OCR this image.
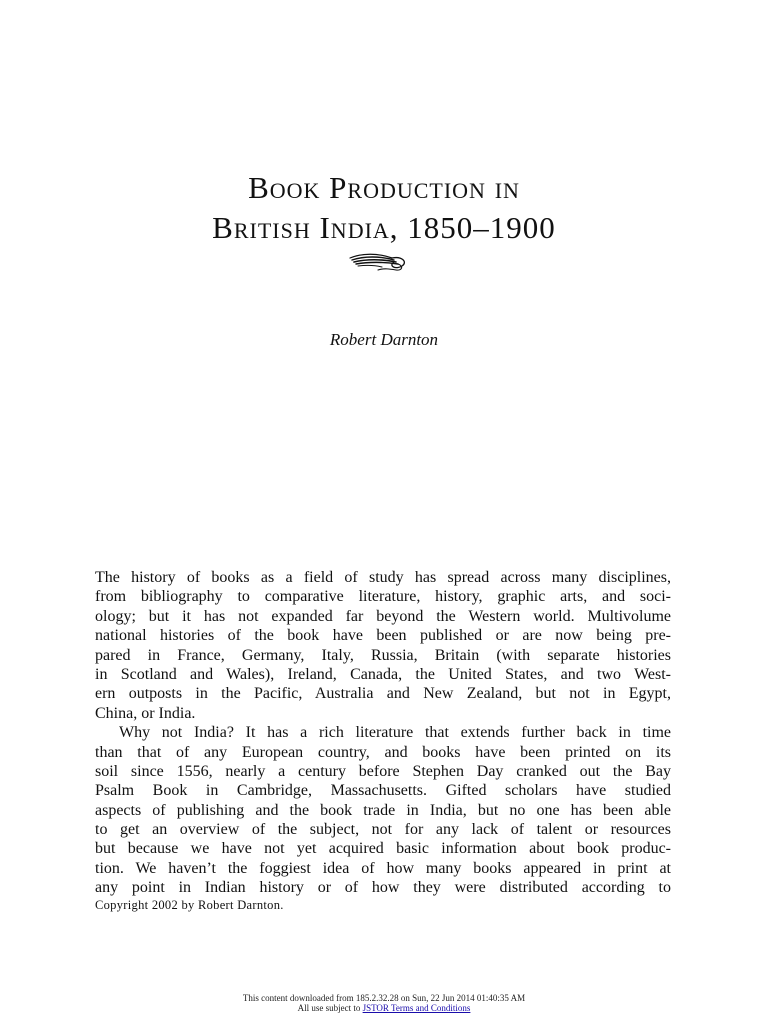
Book Production in
British India, 1850–1900
Robert Darnton
The history of books as a field of study has spread across many disciplines,
from bibliography to comparative literature, history, graphic arts, and soci-
ology; but it has not expanded far beyond the Western world. Multivolume
national histories of the book have been published or are now being pre-
pared in France, Germany, Italy, Russia, Britain (with separate histories
in Scotland and Wales), Ireland, Canada, the United States, and two West-
ern outposts in the Pacific, Australia and New Zealand, but not in Egypt,
China, or India.
Why not India? It has a rich literature that extends further back in time
than that of any European country, and books have been printed on its
soil since 1556, nearly a century before Stephen Day cranked out the Bay
Psalm Book in Cambridge, Massachusetts. Gifted scholars have studied
aspects of publishing and the book trade in India, but no one has been able
to get an overview of the subject, not for any lack of talent or resources
but because we have not yet acquired basic information about book produc-
tion. We haven’t the foggiest idea of how many books appeared in print at
any point in Indian history or of how they were distributed according to
Copyright 2002 by Robert Darnton.
This content downloaded from 185.2.32.28 on Sun, 22 Jun 2014 01:40:35 AM
All use subject to JSTOR Terms and Conditions
